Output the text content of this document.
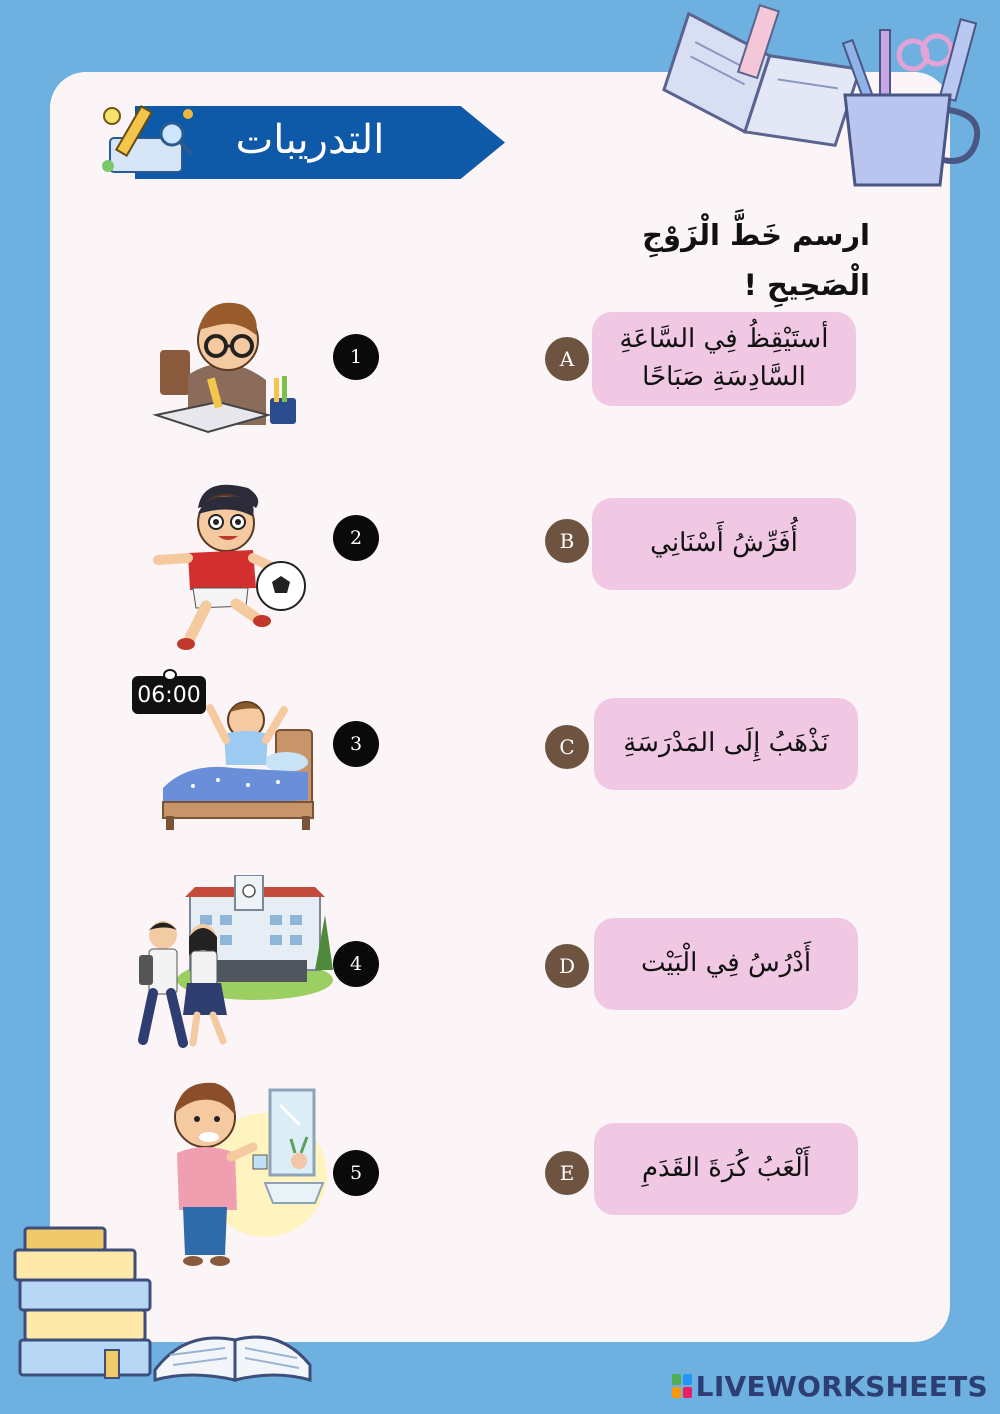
التدريبات
ارسم خَطَّ الْزَوْجِ الْصَحِيحِ !
أستَيْقِظُ فِي السَّاعَةِ السَّادِسَةِ صَبَاحًا
أُفَرِّشُ أَسْنَانِي
نَذْهَبُ إِلَى المَدْرَسَةِ
أَدْرُسُ فِي الْبَيْت
أَلْعَبُ كُرَةَ القَدَمِ
A
B
C
D
E
1
2
3
4
5
06:00
LIVEWORKSHEETS
